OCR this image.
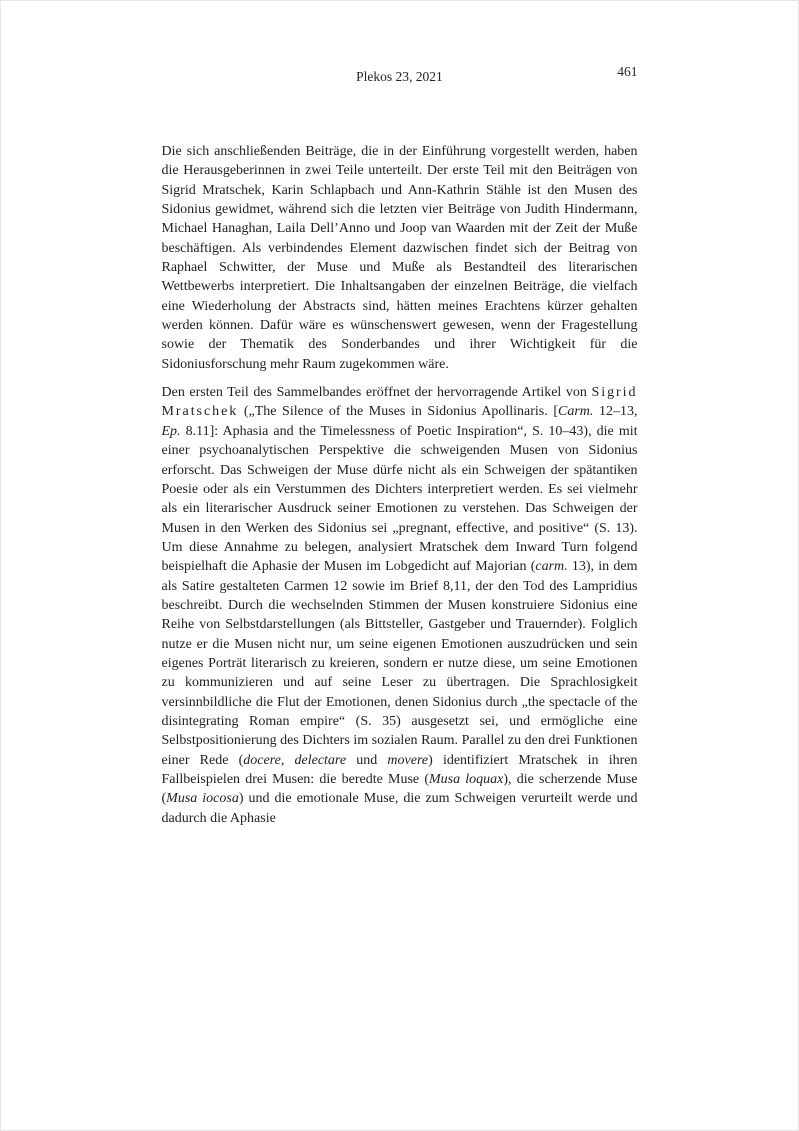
Plekos 23, 2021	461

Die sich anschließenden Beiträge, die in der Einführung vorgestellt werden, haben die Herausgeberinnen in zwei Teile unterteilt. Der erste Teil mit den Beiträgen von Sigrid Mratschek, Karin Schlapbach und Ann-Kathrin Stähle ist den Musen des Sidonius gewidmet, während sich die letzten vier Beiträge von Judith Hindermann, Michael Hanaghan, Laila Dell’Anno und Joop van Waarden mit der Zeit der Muße beschäftigen. Als verbindendes Element dazwischen findet sich der Beitrag von Raphael Schwitter, der Muse und Muße als Bestandteil des literarischen Wettbewerbs interpretiert. Die Inhaltsangaben der einzelnen Beiträge, die vielfach eine Wiederholung der Abstracts sind, hätten meines Erachtens kürzer gehalten werden können. Dafür wäre es wünschenswert gewesen, wenn der Fragestellung sowie der Thematik des Sonderbandes und ihrer Wichtigkeit für die Sidoniusforschung mehr Raum zugekommen wäre.

Den ersten Teil des Sammelbandes eröffnet der hervorragende Artikel von Sigrid Mratschek („The Silence of the Muses in Sidonius Apollinaris. [Carm. 12–13, Ep. 8.11]: Aphasia and the Timelessness of Poetic Inspiration“, S. 10–43), die mit einer psychoanalytischen Perspektive die schweigenden Musen von Sidonius erforscht. Das Schweigen der Muse dürfe nicht als ein Schweigen der spätantiken Poesie oder als ein Verstummen des Dichters interpretiert werden. Es sei vielmehr als ein literarischer Ausdruck seiner Emotionen zu verstehen. Das Schweigen der Musen in den Werken des Sidonius sei „pregnant, effective, and positive“ (S. 13). Um diese Annahme zu belegen, analysiert Mratschek dem Inward Turn folgend beispielhaft die Aphasie der Musen im Lobgedicht auf Majorian (carm. 13), in dem als Satire gestalteten Carmen 12 sowie im Brief 8,11, der den Tod des Lampridius beschreibt. Durch die wechselnden Stimmen der Musen konstruiere Sidonius eine Reihe von Selbstdarstellungen (als Bittsteller, Gastgeber und Trauernder). Folglich nutze er die Musen nicht nur, um seine eigenen Emotionen auszudrücken und sein eigenes Porträt literarisch zu kreieren, sondern er nutze diese, um seine Emotionen zu kommunizieren und auf seine Leser zu übertragen. Die Sprachlosigkeit versinnbildliche die Flut der Emotionen, denen Sidonius durch „the spectacle of the disintegrating Roman empire“ (S. 35) ausgesetzt sei, und ermögliche eine Selbstpositionierung des Dichters im sozialen Raum. Parallel zu den drei Funktionen einer Rede (docere, delectare und movere) identifiziert Mratschek in ihren Fallbeispielen drei Musen: die beredte Muse (Musa loquax), die scherzende Muse (Musa iocosa) und die emotionale Muse, die zum Schweigen verurteilt werde und dadurch die Aphasie
